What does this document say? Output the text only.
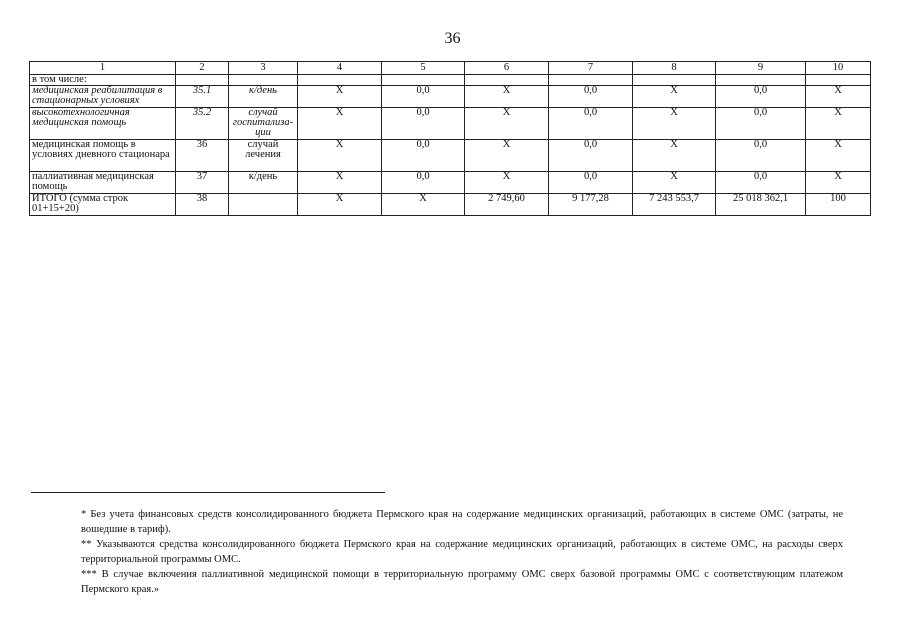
36
1	2	3	4	5	6	7	8	9	10
в том числе:									
медицинская реабилитация в стационарных условиях	35.1	к/день	Х	0,0	Х	0,0	Х	0,0	Х
высокотехнологичная медицинская помощь	35.2	случай госпитализа-ции	Х	0,0	Х	0,0	Х	0,0	Х
медицинская помощь в условиях дневного стационара	36	случай лечения	Х	0,0	Х	0,0	Х	0,0	Х
паллиативная медицинская помощь	37	к/день	Х	0,0	Х	0,0	Х	0,0	Х
ИТОГО (сумма строк 01+15+20)	38		Х	Х	2 749,60	9 177,28	7 243 553,7	25 018 362,1	100

* Без учета финансовых средств консолидированного бюджета Пермского края на содержание медицинских организаций, работающих в системе ОМС (затраты, не вошедшие в тариф).

** Указываются средства консолидированного бюджета Пермского края на содержание медицинских организаций, работающих в системе ОМС, на расходы сверх территориальной программы ОМС.

*** В случае включения паллиативной медицинской помощи в территориальную программу ОМС сверх базовой программы ОМС с соответствующим платежом Пермского края.»
